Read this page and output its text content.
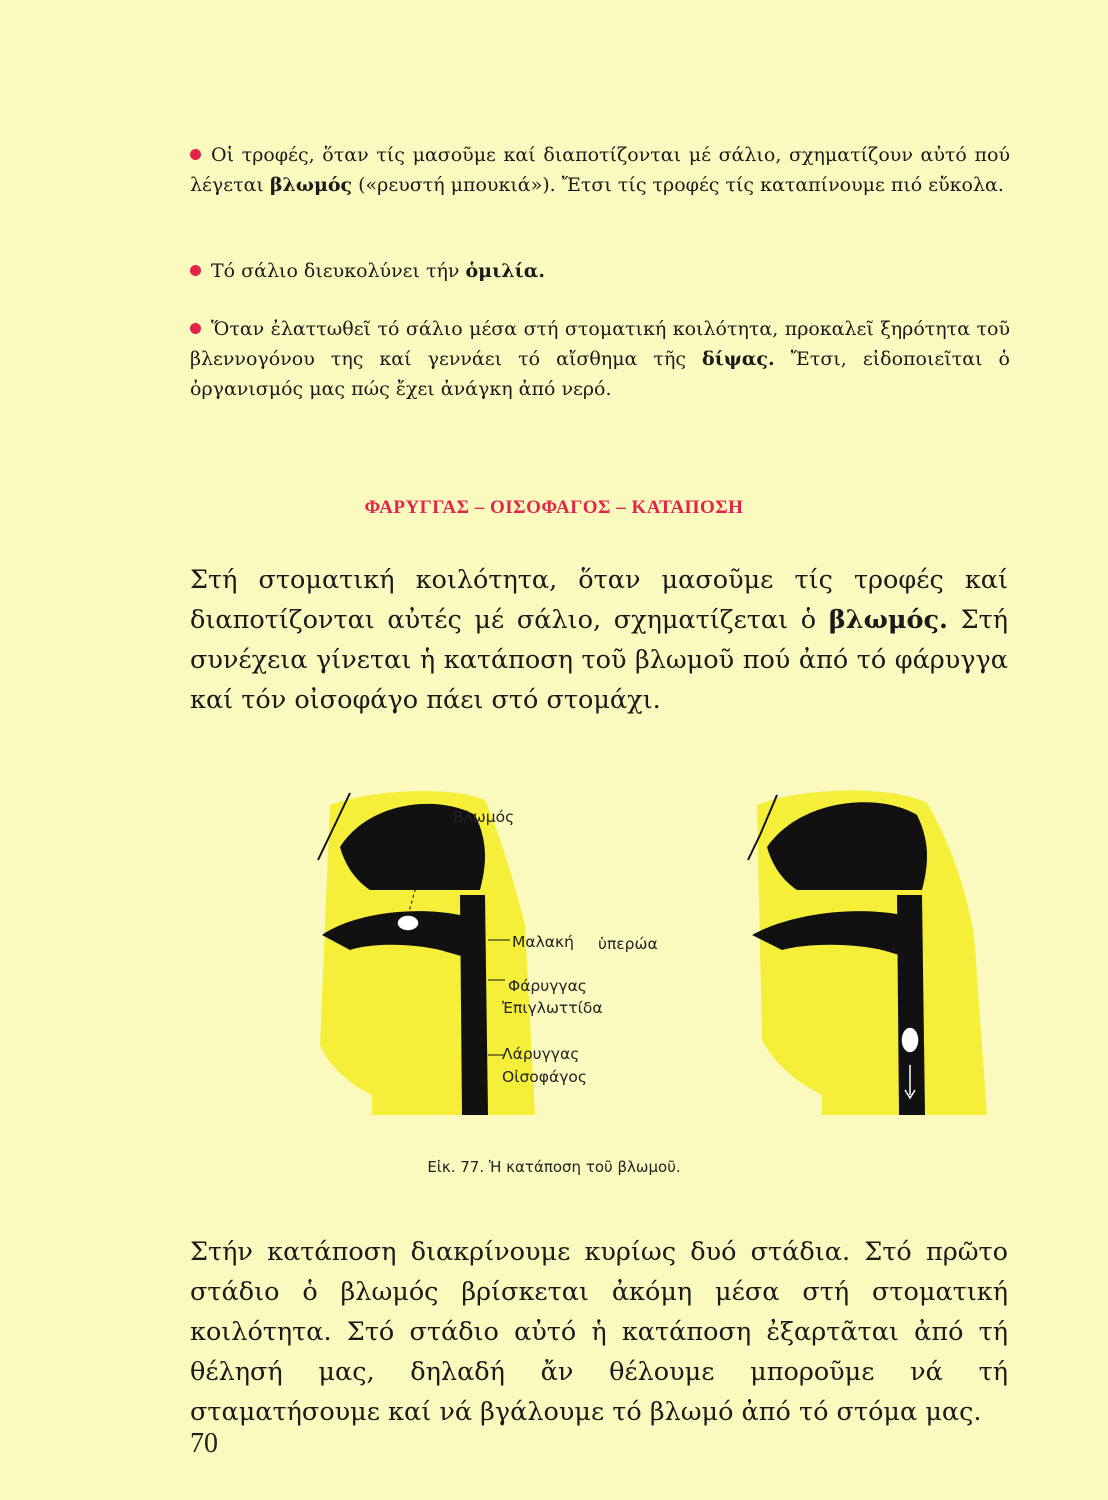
Οἱ τροφές, ὅταν τίς μασοῦμε καί διαποτίζονται μέ σάλιο, σχηματίζουν αὐτό πού λέγεται βλωμός («ρευστή μπουκιά»). Ἔτσι τίς τροφές τίς καταπίνουμε πιό εὔκολα.
Τό σάλιο διευκολύνει τήν ὁμιλία.
Ὅταν ἐλαττωθεῖ τό σάλιο μέσα στή στοματική κοιλότητα, προκαλεῖ ξηρότητα τοῦ βλεννογόνου της καί γεννάει τό αἴσθημα τῆς δίψας. Ἔτσι, εἰδοποιεῖται ὁ ὀργανισμός μας πώς ἔχει ἀνάγκη ἀπό νερό.
ΦΑΡΥΓΓΑΣ – ΟΙΣΟΦΑΓΟΣ – ΚΑΤΑΠΟΣΗ
Στή στοματική κοιλότητα, ὅταν μασοῦμε τίς τροφές καί διαποτίζονται αὐτές μέ σάλιο, σχηματίζεται ὁ βλωμός. Στή συνέχεια γίνεται ἡ κατάποση τοῦ βλωμοῦ πού ἀπό τό φάρυγγα καί τόν οἰσοφάγο πάει στό στομάχι.
Βλωμός
Μαλακή ὑπερώα
Φάρυγγας
Ἐπιγλωττίδα
Λάρυγγας
Οἰσοφάγος
Εἰκ. 77. Ἡ κατάποση τοῦ βλωμοῦ.
Στήν κατάποση διακρίνουμε κυρίως δυό στάδια. Στό πρῶτο στάδιο ὁ βλωμός βρίσκεται ἀκόμη μέσα στή στοματική κοιλότητα. Στό στάδιο αὐτό ἡ κατάποση ἐξαρτᾶται ἀπό τή θέλησή μας, δηλαδή ἄν θέλουμε μποροῦμε νά τή σταματήσουμε καί νά βγάλουμε τό βλωμό ἀπό τό στόμα μας.
70
